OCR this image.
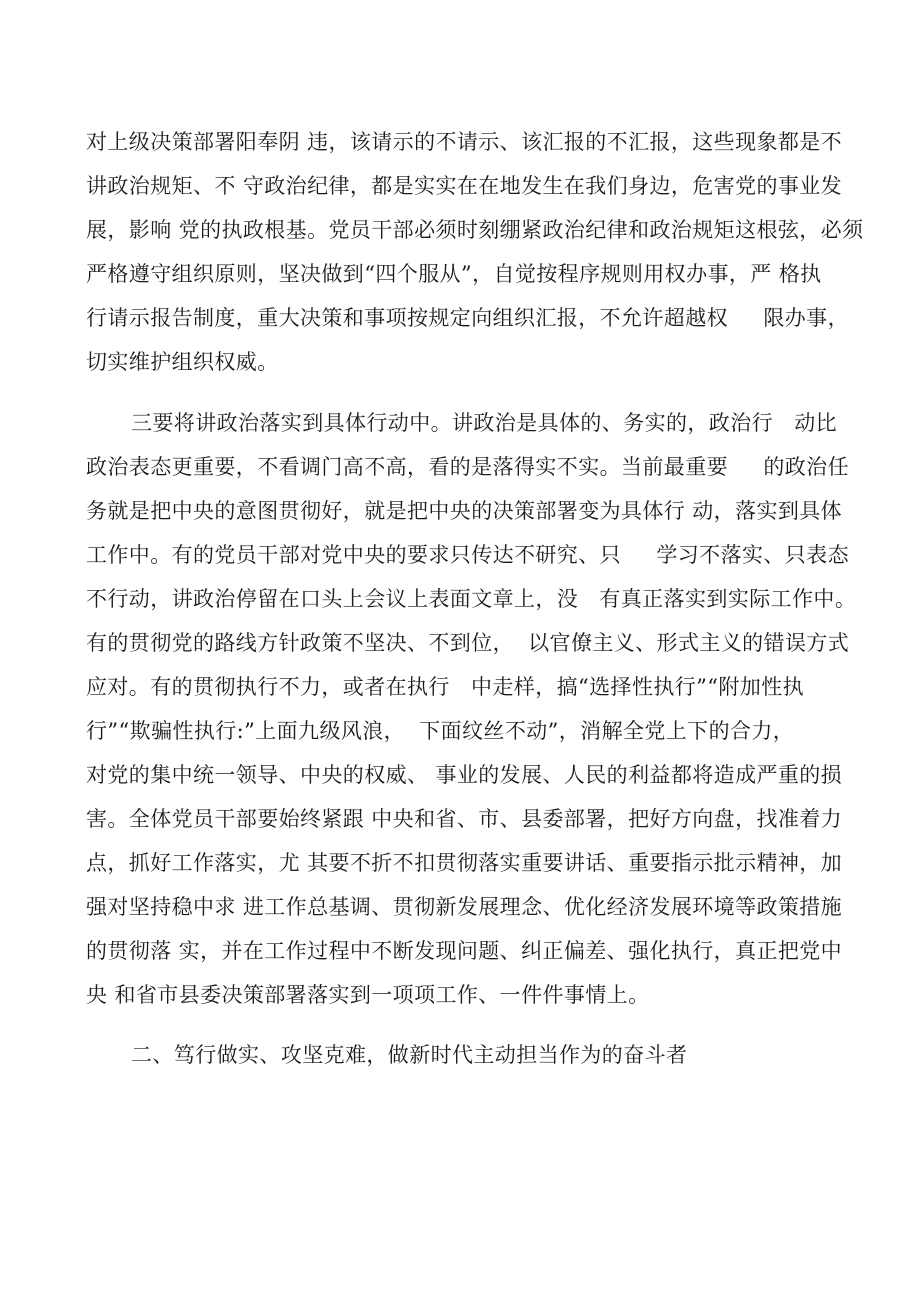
对上级决策部署阳奉阴 违，该请示的不请示、该汇报的不汇报，这些现象都是不
讲政治规矩、不 守政治纪律，都是实实在在地发生在我们身边，危害党的事业发
展，影响 党的执政根基。党员干部必须时刻绷紧政治纪律和政治规矩这根弦，必须
严格遵守组织原则，坚决做到“四个服从”，自觉按程序规则用权办事，严 格执
行请示报告制度，重大决策和事项按规定向组织汇报，不允许超越权     限办事，
切实维护组织权威。
三要将讲政治落实到具体行动中。讲政治是具体的、务实的，政治行   动比
政治表态更重要，不看调门高不高，看的是落得实不实。当前最重要     的政治任
务就是把中央的意图贯彻好，就是把中央的决策部署变为具体行 动，落实到具体
工作中。有的党员干部对党中央的要求只传达不研究、只     学习不落实、只表态
不行动，讲政治停留在口头上会议上表面文章上，没   有真正落实到实际工作中。
有的贯彻党的路线方针政策不坚决、不到位，  以官僚主义、形式主义的错误方式
应对。有的贯彻执行不力，或者在执行   中走样，搞“选择性执行”“附加性执
行”“欺骗性执行:”上面九级风浪，  下面纹丝不动”，消解全党上下的合力，
对党的集中统一领导、中央的权威、 事业的发展、人民的利益都将造成严重的损
害。全体党员干部要始终紧跟 中央和省、市、县委部署，把好方向盘，找准着力
点，抓好工作落实，尤 其要不折不扣贯彻落实重要讲话、重要指示批示精神，加
强对坚持稳中求 进工作总基调、贯彻新发展理念、优化经济发展环境等政策措施
的贯彻落 实，并在工作过程中不断发现问题、纠正偏差、强化执行，真正把党中
央 和省市县委决策部署落实到一项项工作、一件件事情上。
二、笃行做实、攻坚克难，做新时代主动担当作为的奋斗者
